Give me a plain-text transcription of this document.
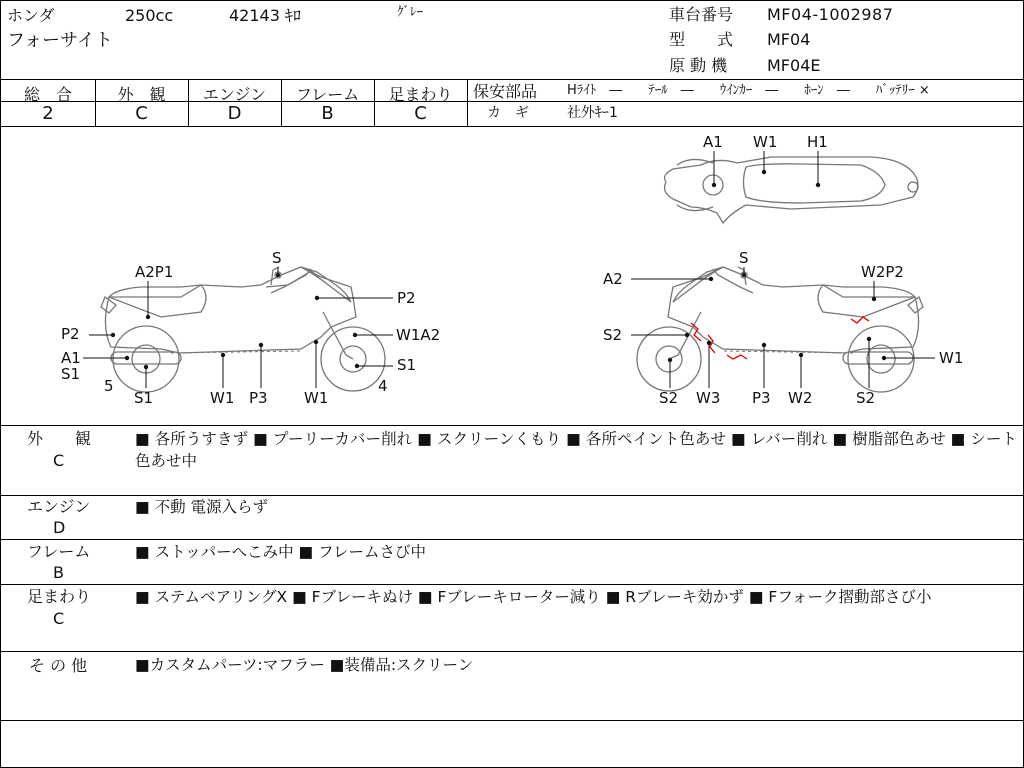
ホンダ
フォーサイト
250cc	42143 ｷﾛ	ｸﾞﾚｰ	車台番号 MF04-1002987
型　　式 MF04
原 動 機 MF04E
総　合	外　観	エンジン	フレーム	足まわり
2	C	D	B	C
保安部品 Hﾗｲﾄ　―　　ﾃｰﾙ　―　　ｳｲﾝｶｰ　―　　ﾎｰﾝ　―　　ﾊﾞｯﾃﾘｰ ×
カ　ギ	社外ｷｰ1
A1 W1 H1
S
A2P1
P2
P2	W1A2
A1
S1	S1
5
S1	W1 P3 W1
4
S
A2	W2P2
S2
W1
S2 W3 P3 W2	S2
外　　観
C
■ 各所うすきず ■ プーリーカバー削れ ■ スクリーンくもり ■ 各所ペイント色あせ ■ レバー削れ ■ 樹脂部色あせ ■ シート色あせ中
エンジン
D
■ 不動 電源入らず
フレーム
B
■ ストッパーへこみ中 ■ フレームさび中
足まわり
C
■ ステムベアリングX ■ Fブレーキぬけ ■ Fブレーキローター減り ■ Rブレーキ効かず ■ Fフォーク摺動部さび小
そ の 他	■カスタムパーツ:マフラー ■装備品:スクリーン
